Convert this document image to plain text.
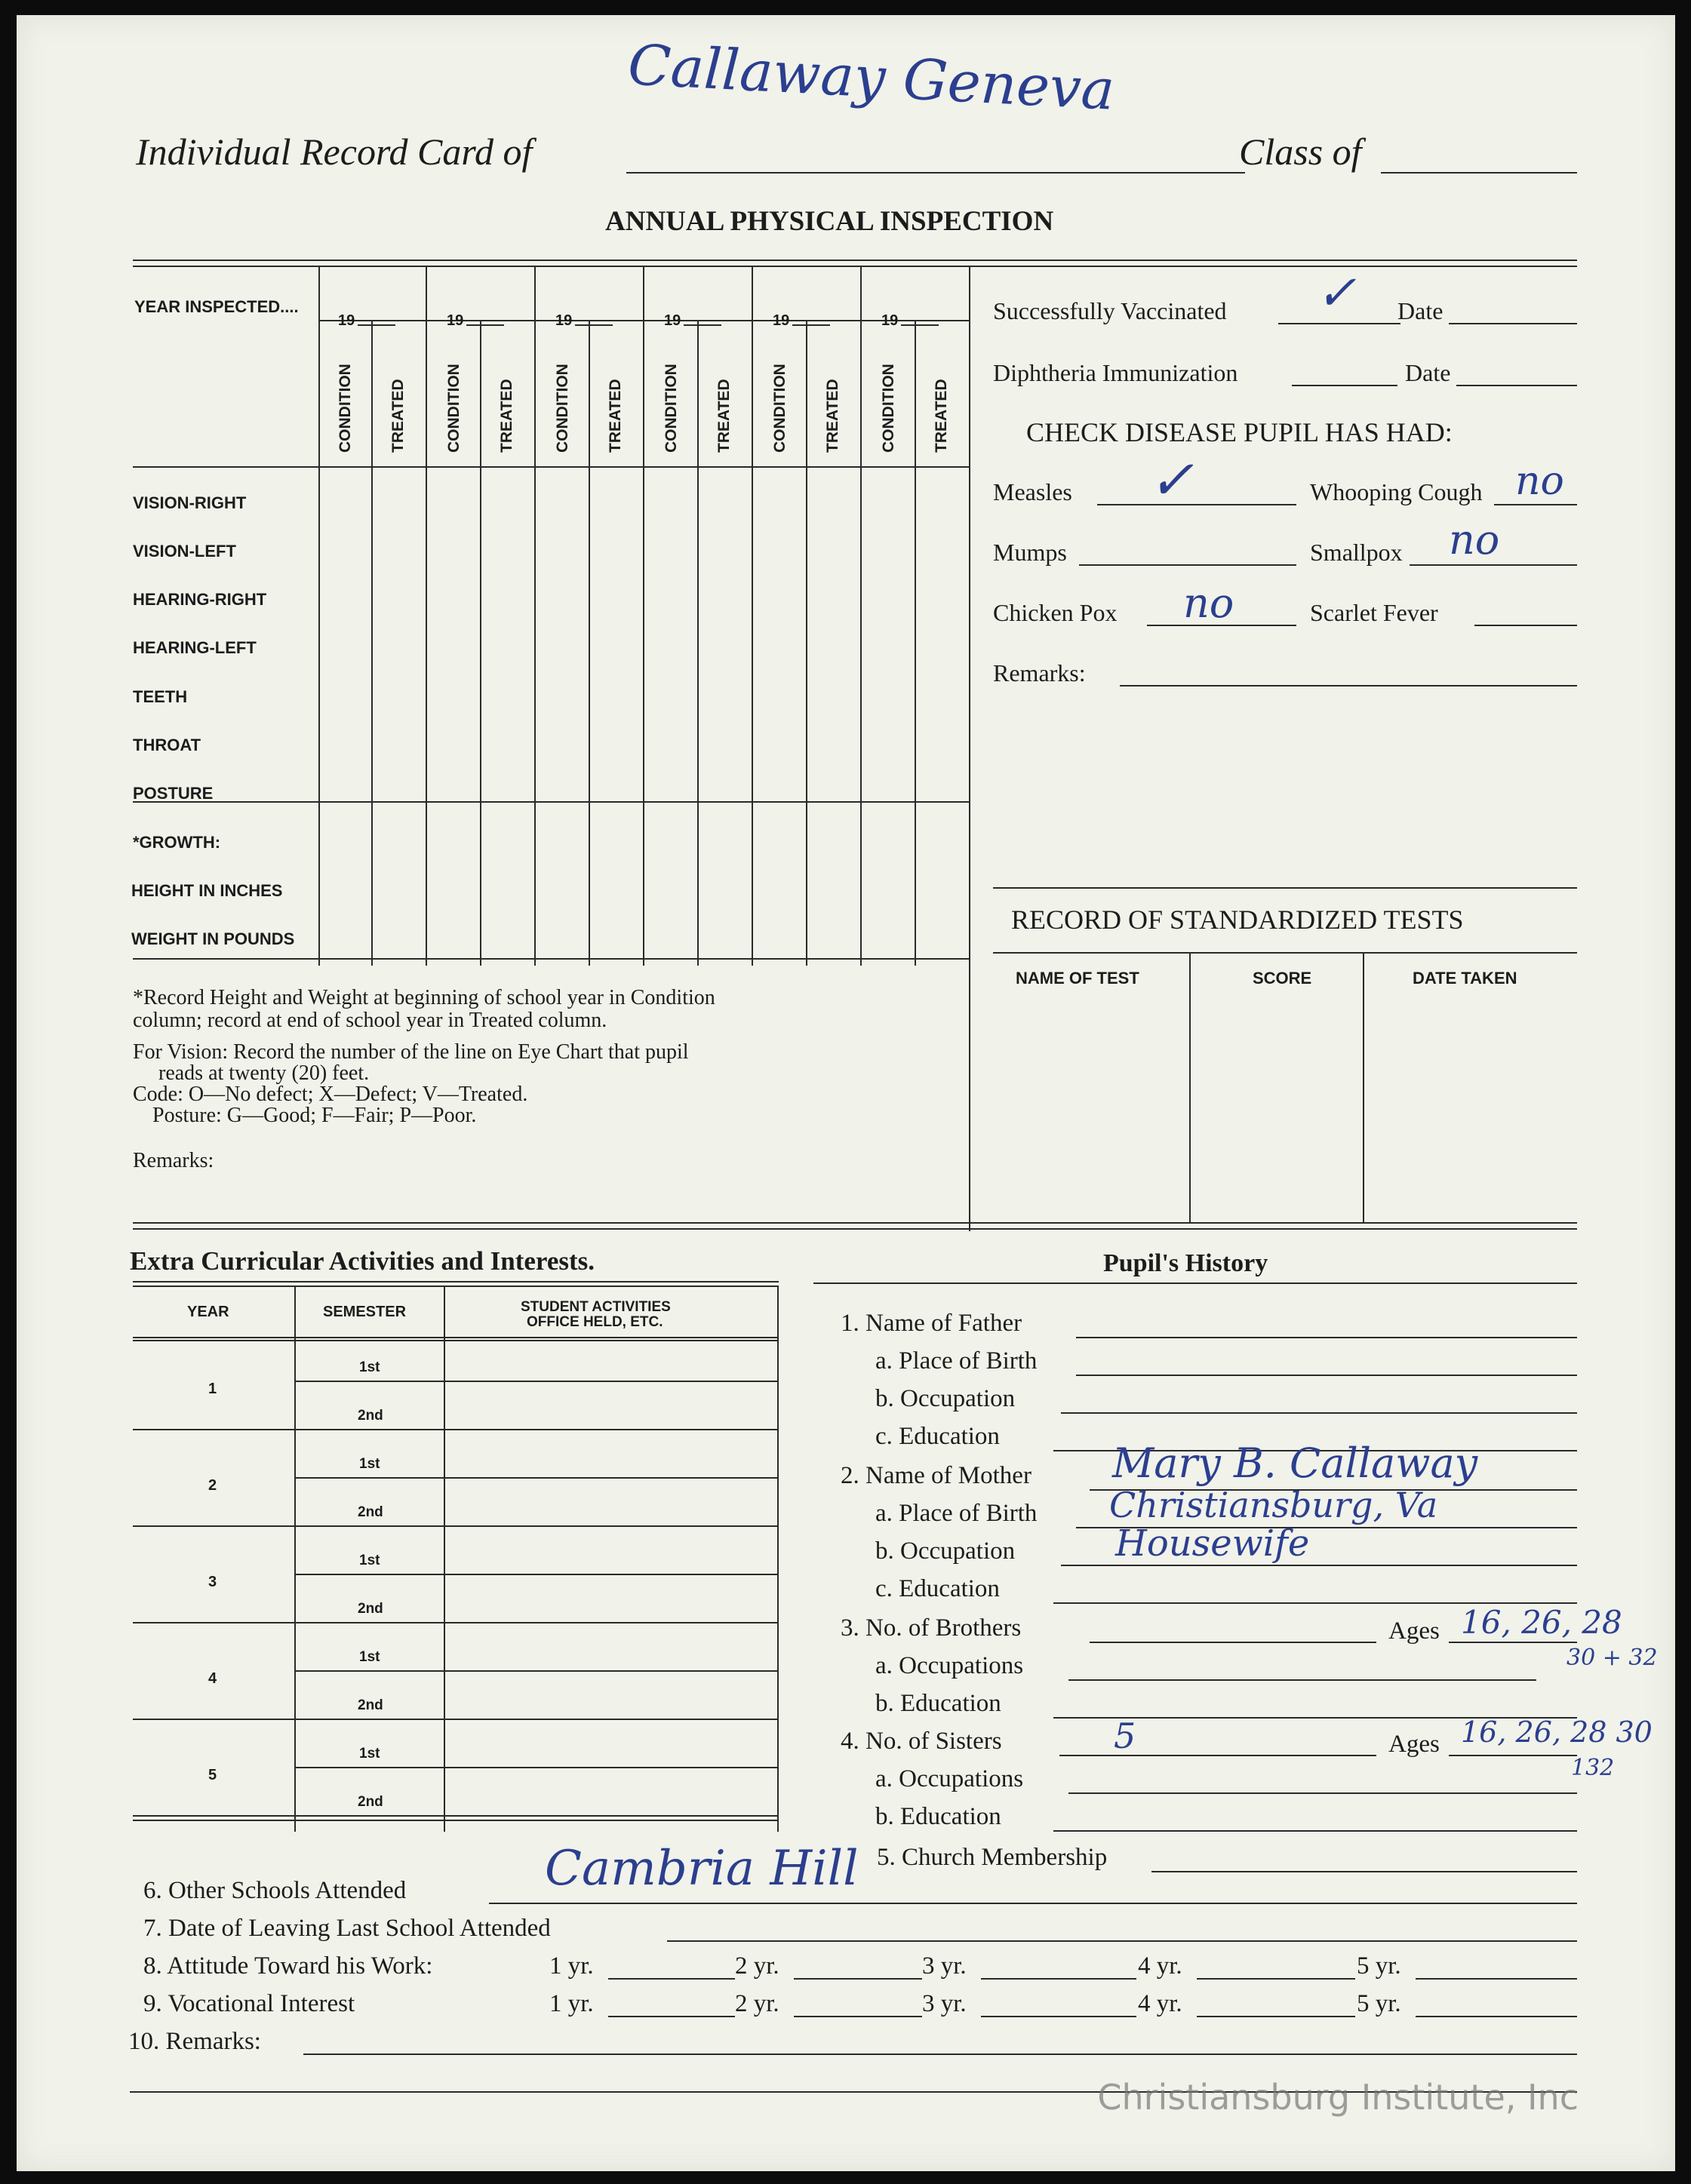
Callaway Geneva
Individual Record Card of	Class of
ANNUAL PHYSICAL INSPECTION
YEAR INSPECTED....
19	19	19	19	19	19
CONDITION TREATED CONDITION TREATED CONDITION TREATED CONDITION TREATED CONDITION TREATED CONDITION TREATED
VISION-RIGHT
VISION-LEFT
HEARING-RIGHT
HEARING-LEFT
TEETH
THROAT
POSTURE
*GROWTH:
HEIGHT IN INCHES
WEIGHT IN POUNDS
*Record Height and Weight at beginning of school year in Condition
column; record at end of school year in Treated column.
For Vision: Record the number of the line on Eye Chart that pupil
reads at twenty (20) feet.
Code: O—No defect; X—Defect; V—Treated.
Posture: G—Good; F—Fair; P—Poor.
Remarks:
Successfully Vaccinated ✓ Date
Diphtheria Immunization	Date
CHECK DISEASE PUPIL HAS HAD:
Measles ✓	Whooping Cough no
Mumps	Smallpox no
Chicken Pox no	Scarlet Fever
Remarks:
RECORD OF STANDARDIZED TESTS
NAME OF TEST	SCORE	DATE TAKEN
Extra Curricular Activities and Interests.
YEAR	SEMESTER	STUDENT ACTIVITIES
OFFICE HELD, ETC.
1
1st
2nd
2
1st
2nd
3
1st
2nd
4
1st
2nd
5
1st
2nd
Pupil's History
1. Name of Father
a. Place of Birth
b. Occupation
c. Education
2. Name of Mother Mary B. Callaway
a. Place of Birth Christiansburg, Va
b. Occupation	Housewife
c. Education
3. No. of Brothers	Ages 16, 26, 28
30 + 32
a. Occupations
b. Education
4. No. of Sisters	5	Ages 16, 26, 28 30
132
a. Occupations
b. Education
5. Church Membership
6. Other Schools Attended	Cambria Hill
7. Date of Leaving Last School Attended
8. Attitude Toward his Work:	1 yr.	2 yr.	3 yr.	4 yr.	5 yr.
9. Vocational Interest	1 yr.	2 yr.	3 yr.	4 yr.	5 yr.
10. Remarks:
Christiansburg Institute, Inc
